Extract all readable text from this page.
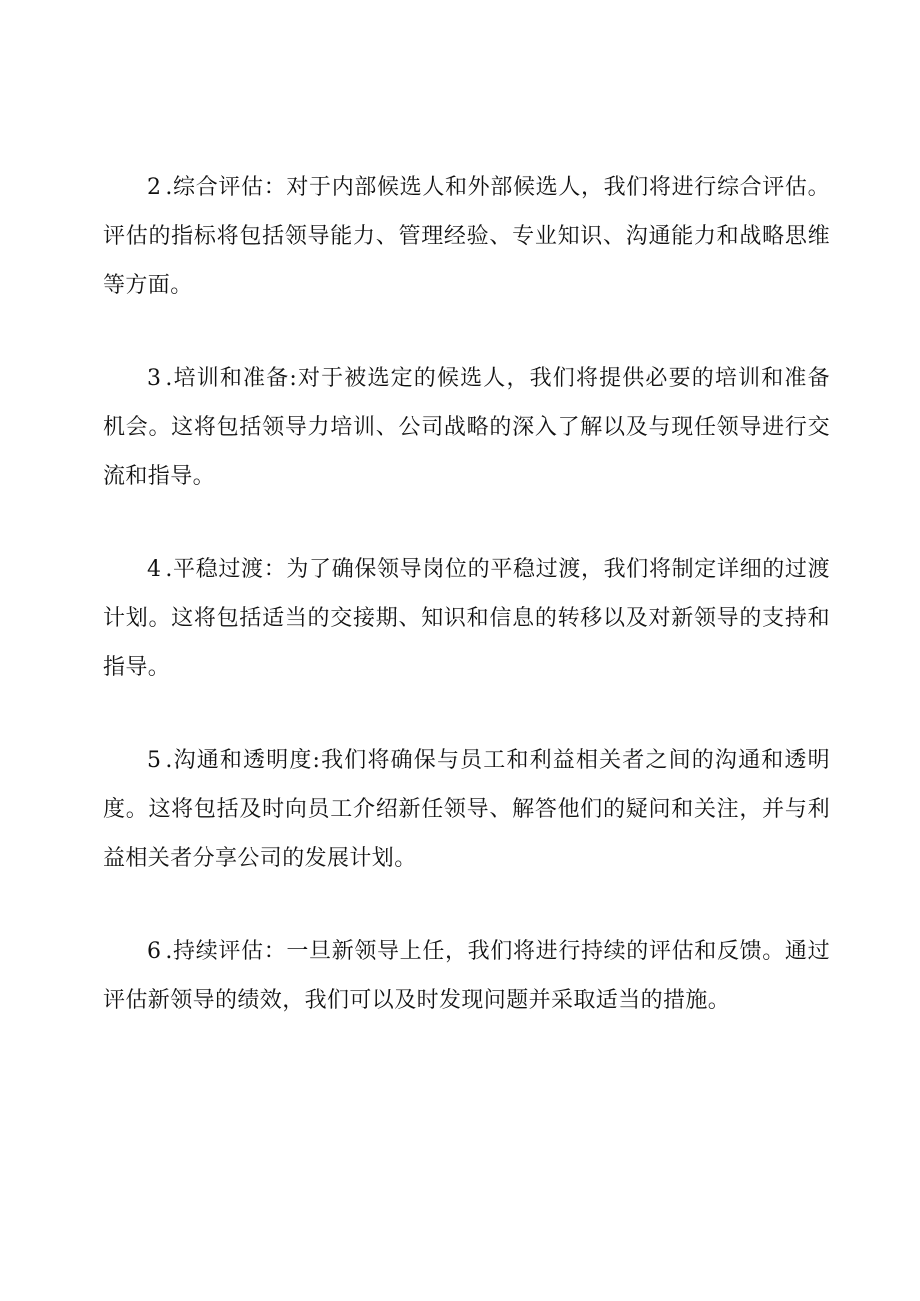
2 .综合评估：对于内部候选人和外部候选人，我们将进行综合评估。评估的指标将包括领导能力、管理经验、专业知识、沟通能力和战略思维等方面。

3 .培训和准备:对于被选定的候选人，我们将提供必要的培训和准备机会。这将包括领导力培训、公司战略的深入了解以及与现任领导进行交流和指导。

4 .平稳过渡：为了确保领导岗位的平稳过渡，我们将制定详细的过渡计划。这将包括适当的交接期、知识和信息的转移以及对新领导的支持和指导。

5 .沟通和透明度:我们将确保与员工和利益相关者之间的沟通和透明度。这将包括及时向员工介绍新任领导、解答他们的疑问和关注，并与利益相关者分享公司的发展计划。

6 .持续评估：一旦新领导上任，我们将进行持续的评估和反馈。通过评估新领导的绩效，我们可以及时发现问题并采取适当的措施。
